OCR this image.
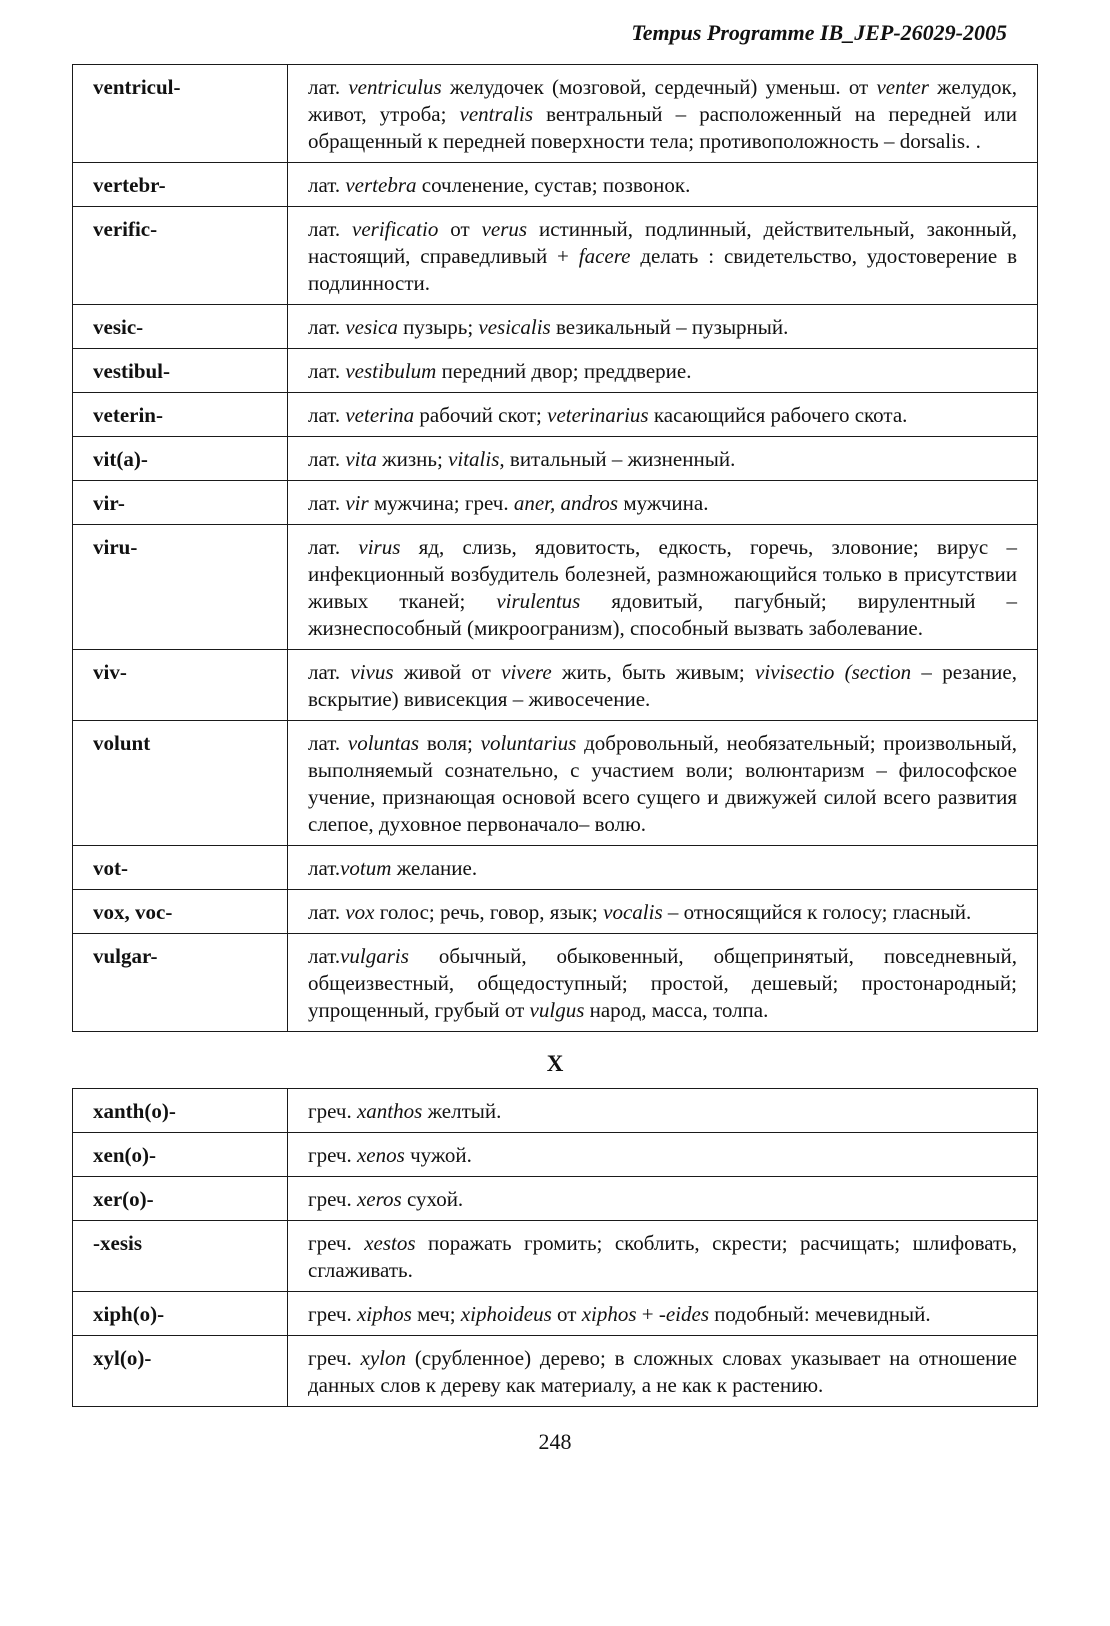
Tempus Programme IB_JEP-26029-2005
ventricul-	лат. ventriculus желудочек (мозговой, сердечный) уменьш. от venter желудок, живот, утроба; ventralis вентральный – расположенный на передней или обращенный к передней поверхности тела; противоположность – dorsalis. .
vertebr-	лат. vertebra сочленение, сустав; позвонок.
verific-	лат. verificatio от verus истинный, подлинный, действительный, законный, настоящий, справедливый + facere делать : свидетельство, удостоверение в подлинности.
vesic-	лат. vesica пузырь; vesicalis везикальный – пузырный.
vestibul-	лат. vestibulum передний двор; преддверие.
veterin-	лат. veterina рабочий скот; veterinarius касающийся рабочего скота.
vit(a)-	лат. vita жизнь; vitalis, витальный – жизненный.
vir-	лат. vir мужчина; греч. aner, andros мужчина.
viru-	лат. virus яд, слизь, ядовитость, едкость, горечь, зловоние; вирус – инфекционный возбудитель болезней, размножающийся только в присутствии живых тканей; virulentus ядовитый, пагубный; вирулентный – жизнеспособный (микроогранизм), способный вызвать заболевание.
viv-	лат. vivus живой от vivere жить, быть живым; vivisectio (section – резание, вскрытие) вивисекция – живосечение.
volunt	лат. voluntas воля; voluntarius добровольный, необязательный; произвольный, выполняемый сознательно, с участием воли; волюнтаризм – философское учение, признающая основой всего сущего и движужей силой всего развития слепое, духовное первоначало– волю.
vot-	лат.votum желание.
vox, voc-	лат. vox голос; речь, говор, язык; vocalis – относящийся к голосу; гласный.
vulgar-	лат.vulgaris обычный, обыковенный, общепринятый, повседневный, общеизвестный, общедоступный; простой, дешевый; простонародный; упрощенный, грубый от vulgus народ, масса, толпа.
X
xanth(o)-	греч. xanthos желтый.
xen(o)-	греч. xenos чужой.
xer(o)-	греч. xeros сухой.
-xesis	греч. xestos поражать громить; скоблить, скрести; расчищать; шлифовать, сглаживать.
xiph(o)-	греч. xiphos меч; xiphoideus от xiphos + -eides подобный: мечевидный.
xyl(o)-	греч. xylon (срубленное) дерево; в сложных словах указывает на отношение данных слов к дереву как материалу, а не как к растению.
248
